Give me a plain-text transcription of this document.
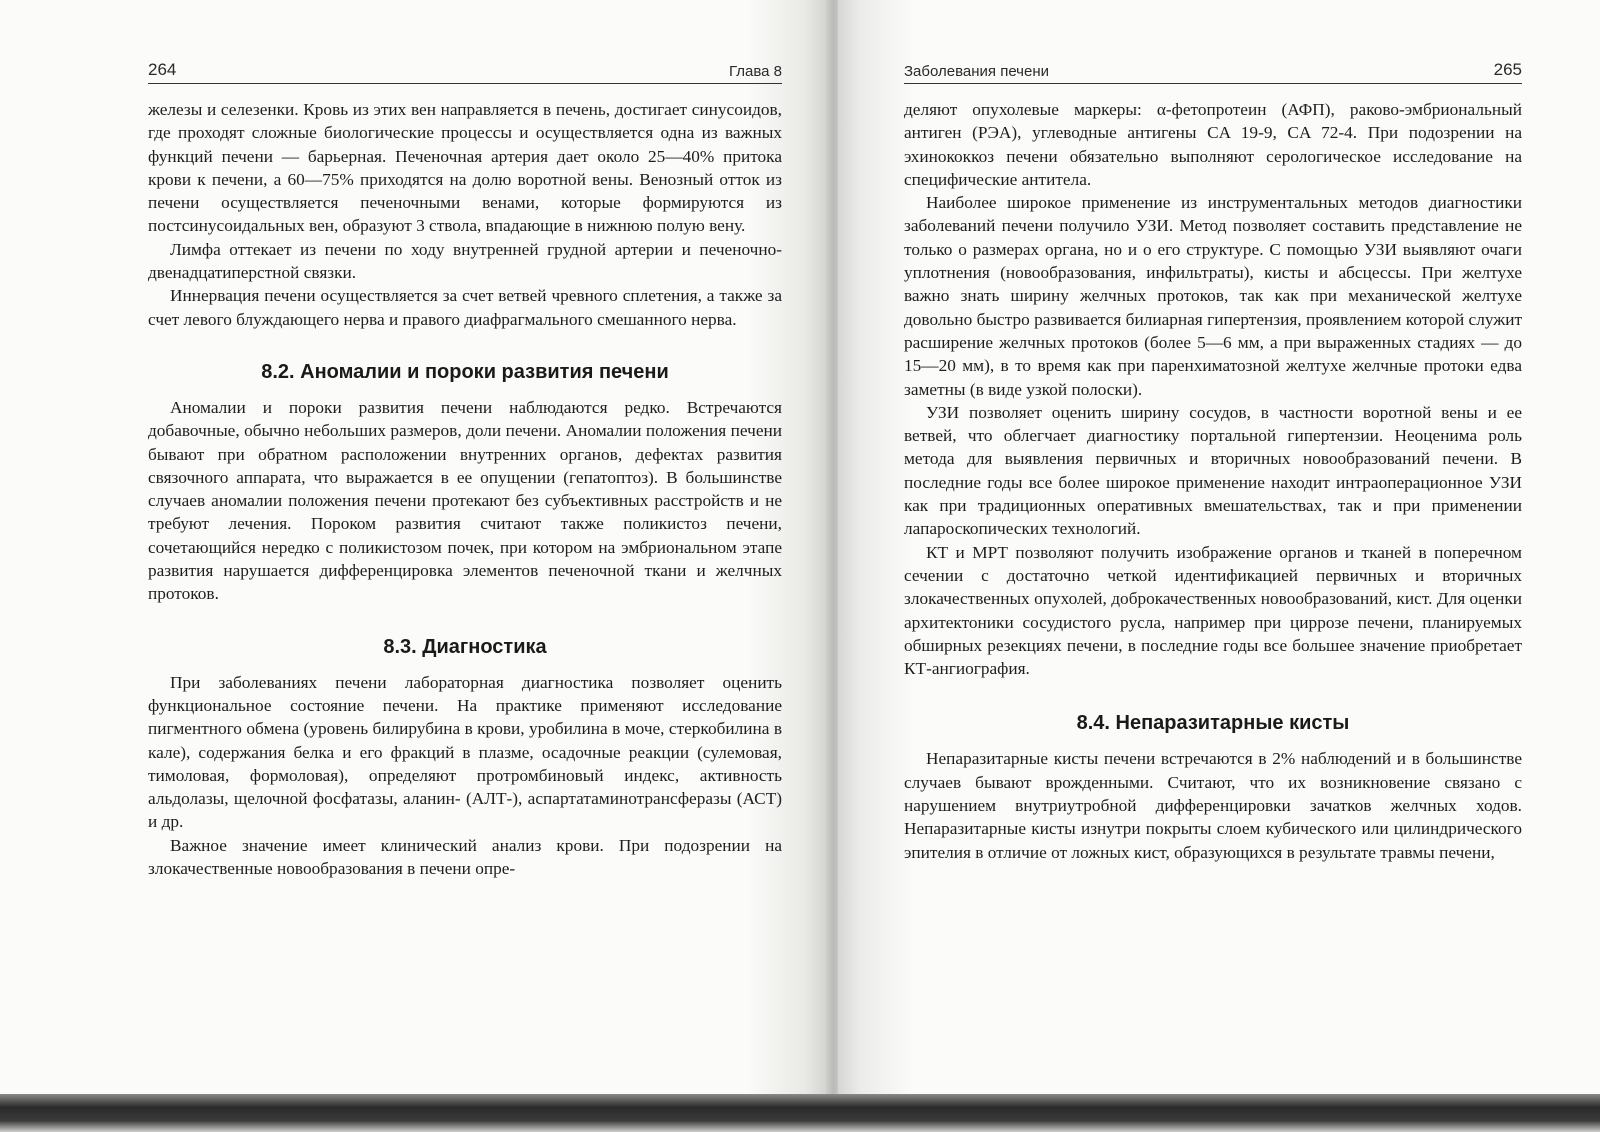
264	Глава 8

железы и селезенки. Кровь из этих вен направляется в печень, достигает синусоидов, где проходят сложные биологические процессы и осуществляется одна из важных функций печени — барьерная. Печеночная артерия дает около 25—40% притока крови к печени, а 60—75% приходятся на долю воротной вены. Венозный отток из печени осуществляется печеночными венами, которые формируются из постсинусоидальных вен, образуют 3 ствола, впадающие в нижнюю полую вену.

Лимфа оттекает из печени по ходу внутренней грудной артерии и печеночно-двенадцатиперстной связки.

Иннервация печени осуществляется за счет ветвей чревного сплетения, а также за счет левого блуждающего нерва и правого диафрагмального смешанного нерва.

8.2. Аномалии и пороки развития печени

Аномалии и пороки развития печени наблюдаются редко. Встречаются добавочные, обычно небольших размеров, доли печени. Аномалии положения печени бывают при обратном расположении внутренних органов, дефектах развития связочного аппарата, что выражается в ее опущении (гепатоптоз). В большинстве случаев аномалии положения печени протекают без субъективных расстройств и не требуют лечения. Пороком развития считают также поликистоз печени, сочетающийся нередко с поликистозом почек, при котором на эмбриональном этапе развития нарушается дифференцировка элементов печеночной ткани и желчных протоков.

8.3. Диагностика

При заболеваниях печени лабораторная диагностика позволяет оценить функциональное состояние печени. На практике применяют исследование пигментного обмена (уровень билирубина в крови, уробилина в моче, стеркобилина в кале), содержания белка и его фракций в плазме, осадочные реакции (сулемовая, тимоловая, формоловая), определяют протромбиновый индекс, активность альдолазы, щелочной фосфатазы, аланин- (АЛТ-), аспартатаминотрансферазы (АСТ) и др.

Важное значение имеет клинический анализ крови. При подозрении на злокачественные новообразования в печени опре-

Заболевания печени	265

деляют опухолевые маркеры: α-фетопротеин (АФП), раково-эмбриональный антиген (РЭА), углеводные антигены CA 19-9, CA 72-4. При подозрении на эхинококкоз печени обязательно выполняют серологическое исследование на специфические антитела.

Наиболее широкое применение из инструментальных методов диагностики заболеваний печени получило УЗИ. Метод позволяет составить представление не только о размерах органа, но и о его структуре. С помощью УЗИ выявляют очаги уплотнения (новообразования, инфильтраты), кисты и абсцессы. При желтухе важно знать ширину желчных протоков, так как при механической желтухе довольно быстро развивается билиарная гипертензия, проявлением которой служит расширение желчных протоков (более 5—6 мм, а при выраженных стадиях — до 15—20 мм), в то время как при паренхиматозной желтухе желчные протоки едва заметны (в виде узкой полоски).

УЗИ позволяет оценить ширину сосудов, в частности воротной вены и ее ветвей, что облегчает диагностику портальной гипертензии. Неоценима роль метода для выявления первичных и вторичных новообразований печени. В последние годы все более широкое применение находит интраоперационное УЗИ как при традиционных оперативных вмешательствах, так и при применении лапароскопических технологий.

КТ и МРТ позволяют получить изображение органов и тканей в поперечном сечении с достаточно четкой идентификацией первичных и вторичных злокачественных опухолей, доброкачественных новообразований, кист. Для оценки архитектоники сосудистого русла, например при циррозе печени, планируемых обширных резекциях печени, в последние годы все большее значение приобретает КТ-ангиография.

8.4. Непаразитарные кисты

Непаразитарные кисты печени встречаются в 2% наблюдений и в большинстве случаев бывают врожденными. Считают, что их возникновение связано с нарушением внутриутробной дифференцировки зачатков желчных ходов. Непаразитарные кисты изнутри покрыты слоем кубического или цилиндрического эпителия в отличие от ложных кист, образующихся в результате травмы печени,
